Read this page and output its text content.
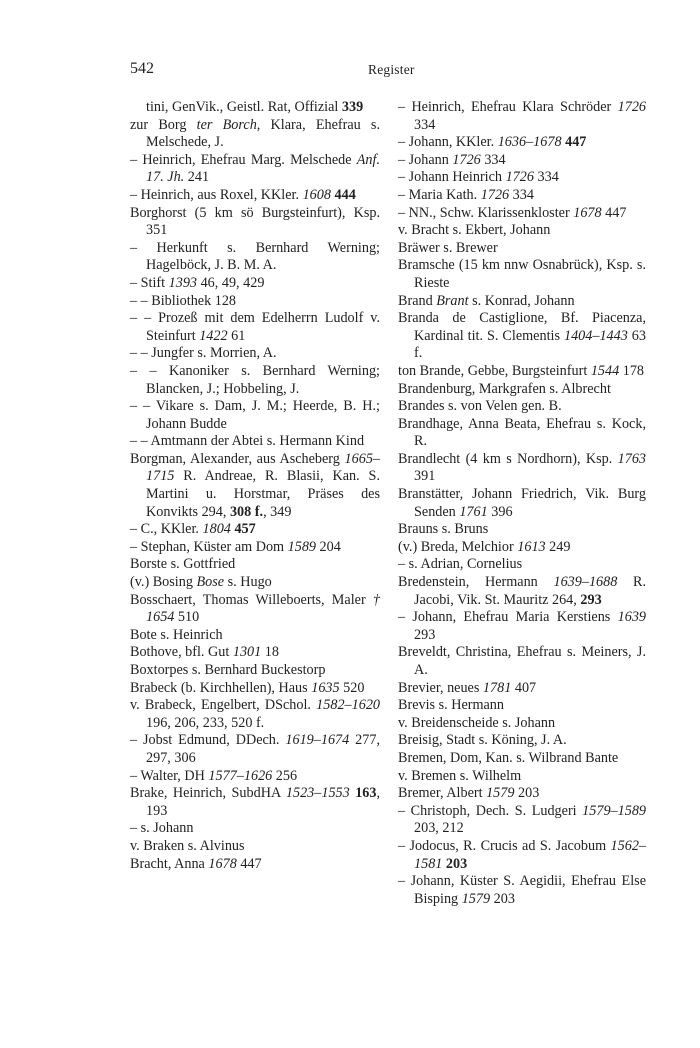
542	Register
tini, GenVik., Geistl. Rat, Offizial 339
zur Borg ter Borch, Klara, Ehefrau s. Melschede, J.
– Heinrich, Ehefrau Marg. Melschede Anf. 17. Jh. 241
– Heinrich, aus Roxel, KKler. 1608 444
Borghorst (5 km sö Burgsteinfurt), Ksp. 351
– Herkunft s. Bernhard Werning; Hagelböck, J. B. M. A.
– Stift 1393 46, 49, 429
– – Bibliothek 128
– – Prozeß mit dem Edelherrn Ludolf v. Steinfurt 1422 61
– – Jungfer s. Morrien, A.
– – Kanoniker s. Bernhard Werning; Blancken, J.; Hobbeling, J.
– – Vikare s. Dam, J. M.; Heerde, B. H.; Johann Budde
– – Amtmann der Abtei s. Hermann Kind
Borgman, Alexander, aus Ascheberg 1665–1715 R. Andreae, R. Blasii, Kan. S. Martini u. Horstmar, Präses des Konvikts 294, 308 f., 349
– C., KKler. 1804 457
– Stephan, Küster am Dom 1589 204
Borste s. Gottfried
(v.) Bosing Bose s. Hugo
Bosschaert, Thomas Willeboerts, Maler † 1654 510
Bote s. Heinrich
Bothove, bfl. Gut 1301 18
Boxtorpes s. Bernhard Buckestorp
Brabeck (b. Kirchhellen), Haus 1635 520
v. Brabeck, Engelbert, DSchol. 1582–1620 196, 206, 233, 520 f.
– Jobst Edmund, DDech. 1619–1674 277, 297, 306
– Walter, DH 1577–1626 256
Brake, Heinrich, SubdHA 1523–1553 163, 193
– s. Johann
v. Braken s. Alvinus
Bracht, Anna 1678 447
– Heinrich, Ehefrau Klara Schröder 1726 334
– Johann, KKler. 1636–1678 447
– Johann 1726 334
– Johann Heinrich 1726 334
– Maria Kath. 1726 334
– NN., Schw. Klarissenkloster 1678 447
v. Bracht s. Ekbert, Johann
Bräwer s. Brewer
Bramsche (15 km nnw Osnabrück), Ksp. s. Rieste
Brand Brant s. Konrad, Johann
Branda de Castiglione, Bf. Piacenza, Kardinal tit. S. Clementis 1404–1443 63 f.
ton Brande, Gebbe, Burgsteinfurt 1544 178
Brandenburg, Markgrafen s. Albrecht
Brandes s. von Velen gen. B.
Brandhage, Anna Beata, Ehefrau s. Kock, R.
Brandlecht (4 km s Nordhorn), Ksp. 1763 391
Branstätter, Johann Friedrich, Vik. Burg Senden 1761 396
Brauns s. Bruns
(v.) Breda, Melchior 1613 249
– s. Adrian, Cornelius
Bredenstein, Hermann 1639–1688 R. Jacobi, Vik. St. Mauritz 264, 293
– Johann, Ehefrau Maria Kerstiens 1639 293
Breveldt, Christina, Ehefrau s. Meiners, J. A.
Brevier, neues 1781 407
Brevis s. Hermann
v. Breidenscheide s. Johann
Breisig, Stadt s. Köning, J. A.
Bremen, Dom, Kan. s. Wilbrand Bante
v. Bremen s. Wilhelm
Bremer, Albert 1579 203
– Christoph, Dech. S. Ludgeri 1579–1589 203, 212
– Jodocus, R. Crucis ad S. Jacobum 1562–1581 203
– Johann, Küster S. Aegidii, Ehefrau Else Bisping 1579 203
